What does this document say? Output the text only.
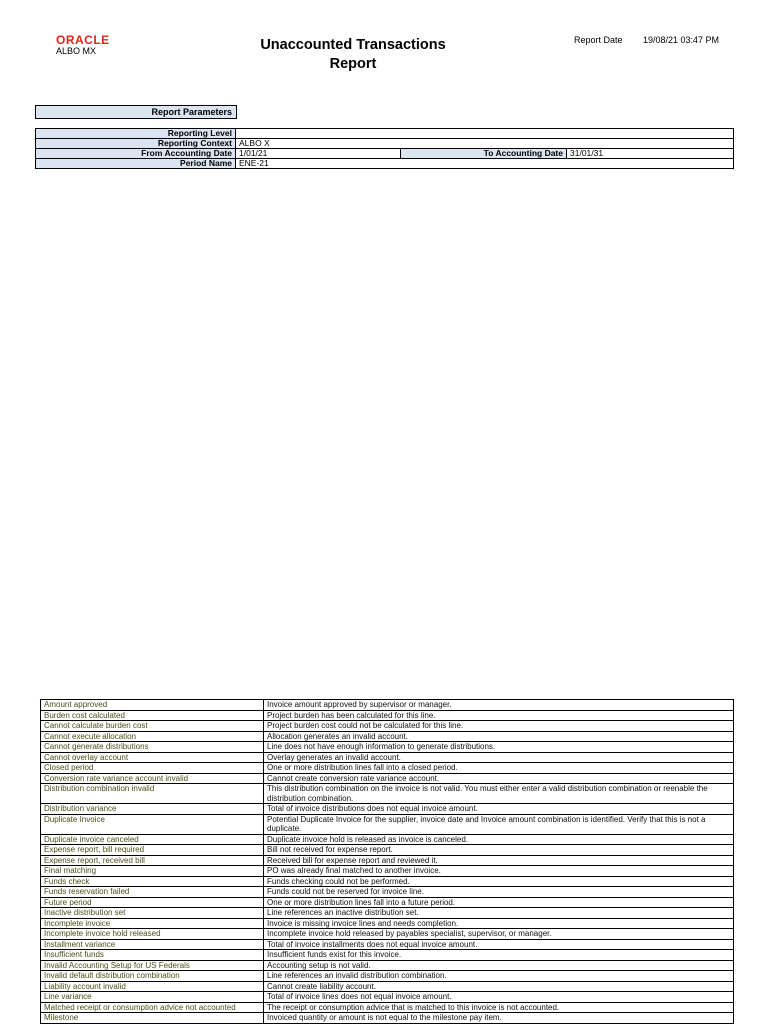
ORACLE
ALBO MX	Unaccounted Transactions
Report
Report Date 19/08/21 03:47 PM
Report Parameters
Reporting Level			
Reporting Context	ALBO X		
From Accounting Date	1/01/21	To Accounting Date	31/01/31
Period Name	ENE-21		
Amount approved	Invoice amount approved by supervisor or manager.
Burden cost calculated	Project burden has been calculated for this line.
Cannot calculate burden cost	Project burden cost could not be calculated for this line.
Cannot execute allocation	Allocation generates an invalid account.
Cannot generate distributions	Line does not have enough information to generate distributions.
Cannot overlay account	Overlay generates an invalid account.
Closed period	One or more distribution lines fall into a closed period.
Conversion rate variance account invalid	Cannot create conversion rate variance account.
Distribution combination invalid	This distribution combination on the invoice is not valid. You must either enter a valid distribution combination or reenable the distribution combination.
Distribution variance	Total of invoice distributions does not equal invoice amount.
Duplicate Invoice	Potential Duplicate Invoice for the supplier, invoice date and Invoice amount combination is identified. Verify that this is not a duplicate.
Duplicate invoice canceled	Duplicate invoice hold is released as invoice is canceled.
Expense report, bill required	Bill not received for expense report.
Expense report, received bill	Received bill for expense report and reviewed it.
Final matching	PO was already final matched to another invoice.
Funds check	Funds checking could not be performed.
Funds reservation failed	Funds could not be reserved for invoice line.
Future period	One or more distribution lines fall into a future period.
Inactive distribution set	Line references an inactive distribution set.
Incomplete invoice	Invoice is missing invoice lines and needs completion.
Incomplete invoice hold released	Incomplete invoice hold released by payables specialist, supervisor, or manager.
Installment variance	Total of invoice installments does not equal invoice amount.
Insufficient funds	Insufficient funds exist for this invoice.
Invalid Accounting Setup for US Federals	Accounting setup is not valid.
Invalid default distribution combination	Line references an invalid distribution combination.
Liability account invalid	Cannot create liability account.
Line variance	Total of invoice lines does not equal invoice amount.
Matched receipt or consumption advice not accounted	The receipt or consumption advice that is matched to this invoice is not accounted.
Milestone	Invoiced quantity or amount is not equal to the milestone pay item.
